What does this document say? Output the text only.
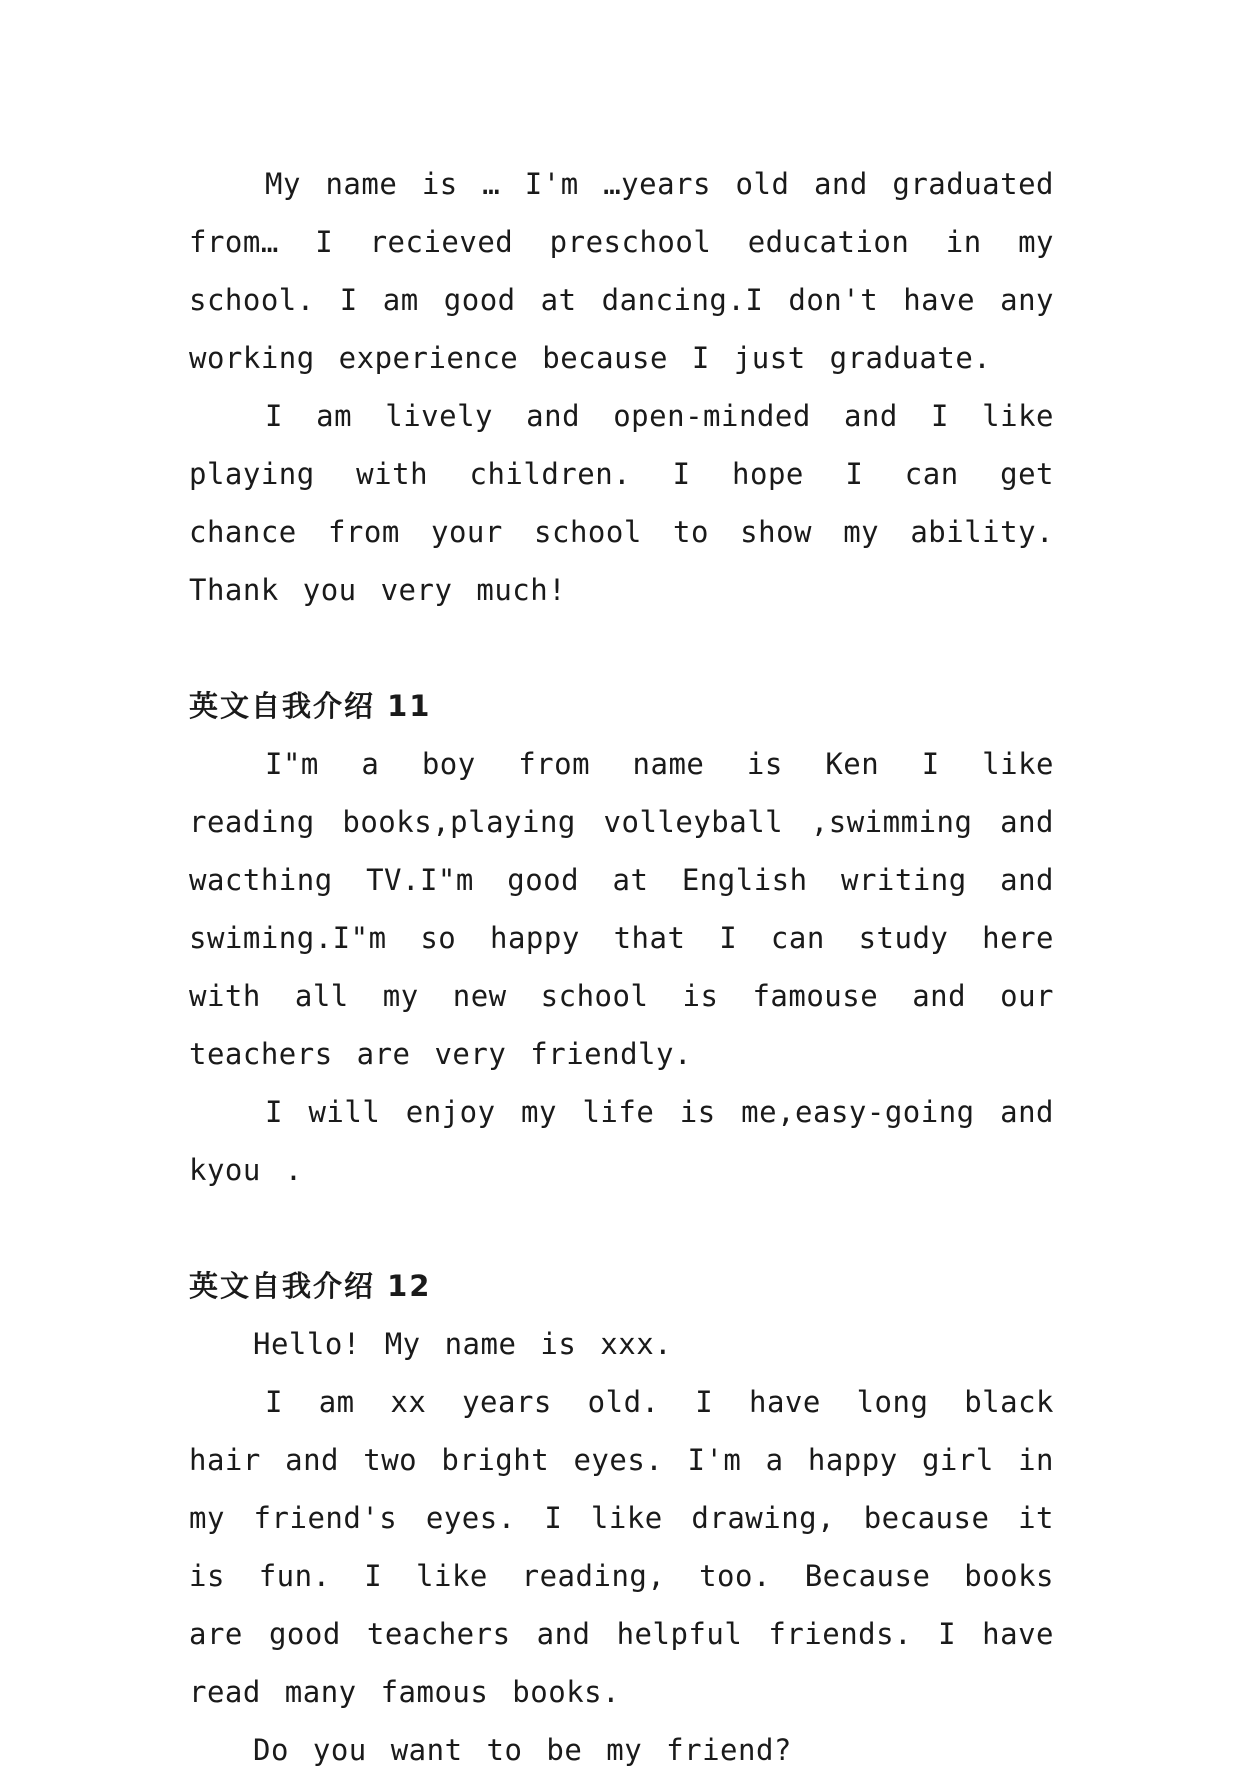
My name is … I'm …years old and graduated from… I recieved preschool education in my school. I am good at dancing.I don't have any working experience because I just graduate.

I am lively and open-minded and I like playing with children. I hope I can get chance from your school to show my ability. Thank you very much!

英文自我介绍 11

I"m a boy from name is Ken I like reading books,playing volleyball ,swimming and wacthing TV.I"m good at English writing and swiming.I"m so happy that I can study here with all my new school is famouse and our teachers are very friendly.

I will enjoy my life is me,easy-going and kyou .

英文自我介绍 12

Hello! My name is xxx.

I am xx years old. I have long black hair and two bright eyes. I'm a happy girl in my friend's eyes. I like drawing, because it is fun. I like reading, too. Because books are good teachers and helpful friends. I have read many famous books.

Do you want to be my friend?
